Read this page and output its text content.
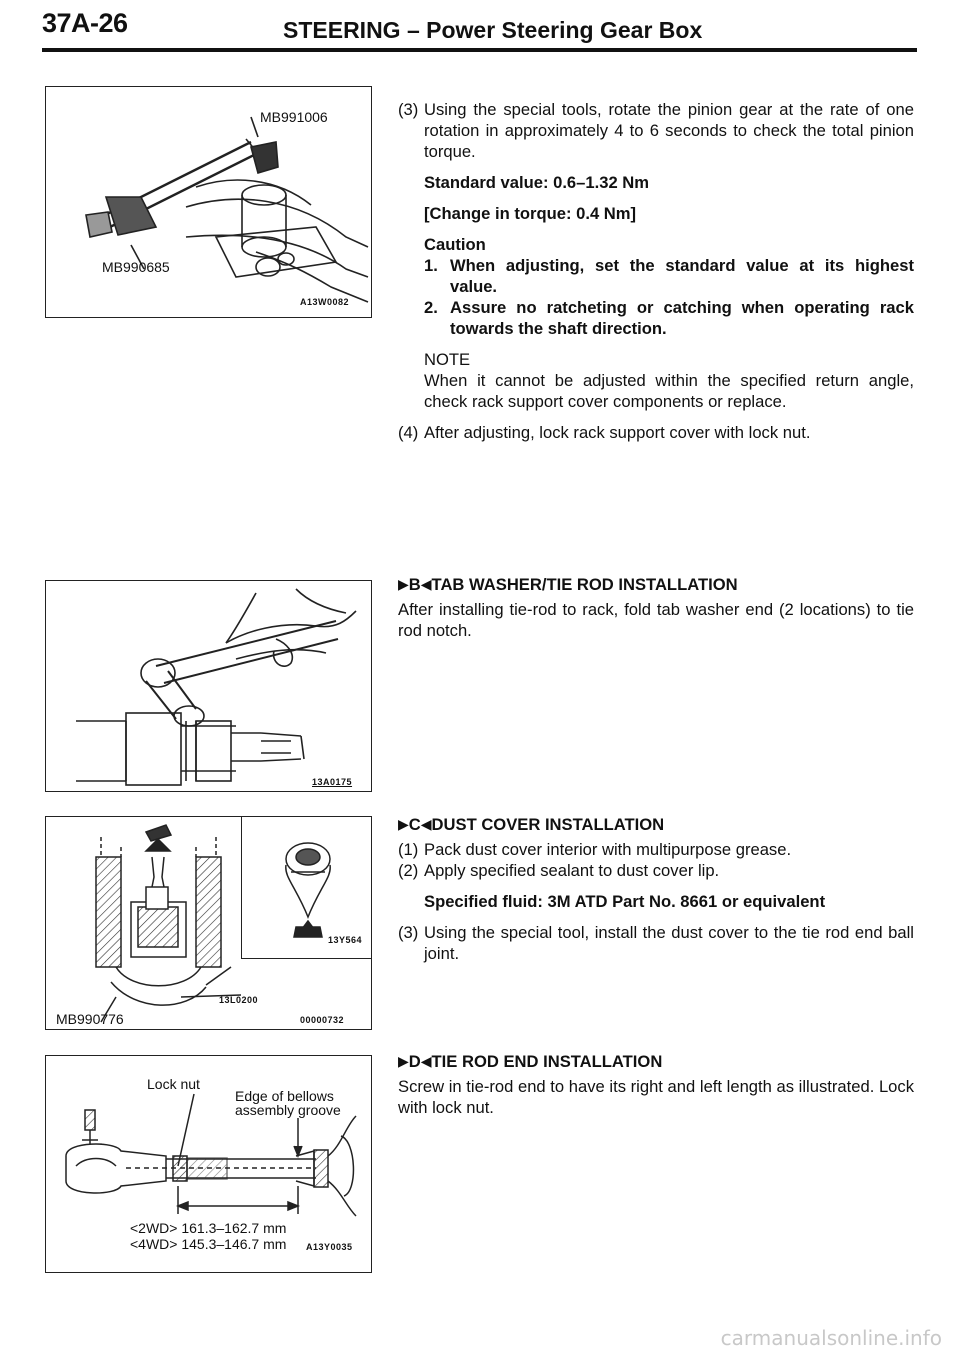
37A-26	STEERING – Power Steering Gear Box
MB991006
MB990685
A13W0082
13A0175
MB990776
13L0200
00000732
13Y564
Lock nut
Edge of bellows
assembly groove
<2WD> 161.3–162.7 mm
<4WD> 145.3–146.7 mm A13Y0035
(3) Using the special tools, rotate the pinion gear at the rate of one rotation in approximately 4 to 6 seconds to check the total pinion torque.
Standard value: 0.6–1.32 Nm
[Change in torque: 0.4 Nm]
Caution
1. When adjusting, set the standard value at its highest value.
2. Assure no ratcheting or catching when operating rack towards the shaft direction.
NOTE
When it cannot be adjusted within the specified return angle, check rack support cover components or replace.
(4) After adjusting, lock rack support cover with lock nut.
▶ B ◀ TAB WASHER/TIE ROD INSTALLATION
After installing tie-rod to rack, fold tab washer end (2 locations) to tie rod notch.
▶ C ◀ DUST COVER INSTALLATION
(1) Pack dust cover interior with multipurpose grease.
(2) Apply specified sealant to dust cover lip.
Specified fluid: 3M ATD Part No. 8661 or equivalent
(3) Using the special tool, install the dust cover to the tie rod end ball joint.
▶ D ◀ TIE ROD END INSTALLATION
Screw in tie-rod end to have its right and left length as illustrated. Lock with lock nut.
carmanualsonline.info
